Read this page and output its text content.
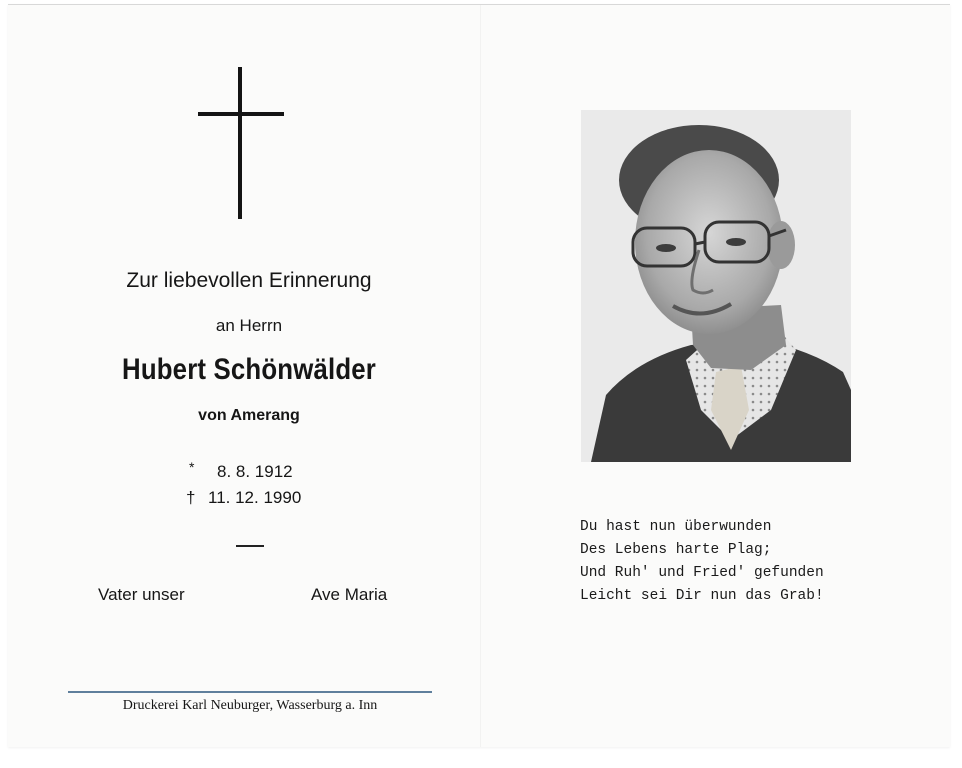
Zur liebevollen Erinnerung
an Herrn
Hubert Schönwälder
von Amerang
* 8. 8. 1912
† 11. 12. 1990
Vater unser	Ave Maria
Druckerei Karl Neuburger, Wasserburg a. Inn
Du hast nun überwunden
Des Lebens harte Plag;
Und Ruh' und Fried' gefunden
Leicht sei Dir nun das Grab!
